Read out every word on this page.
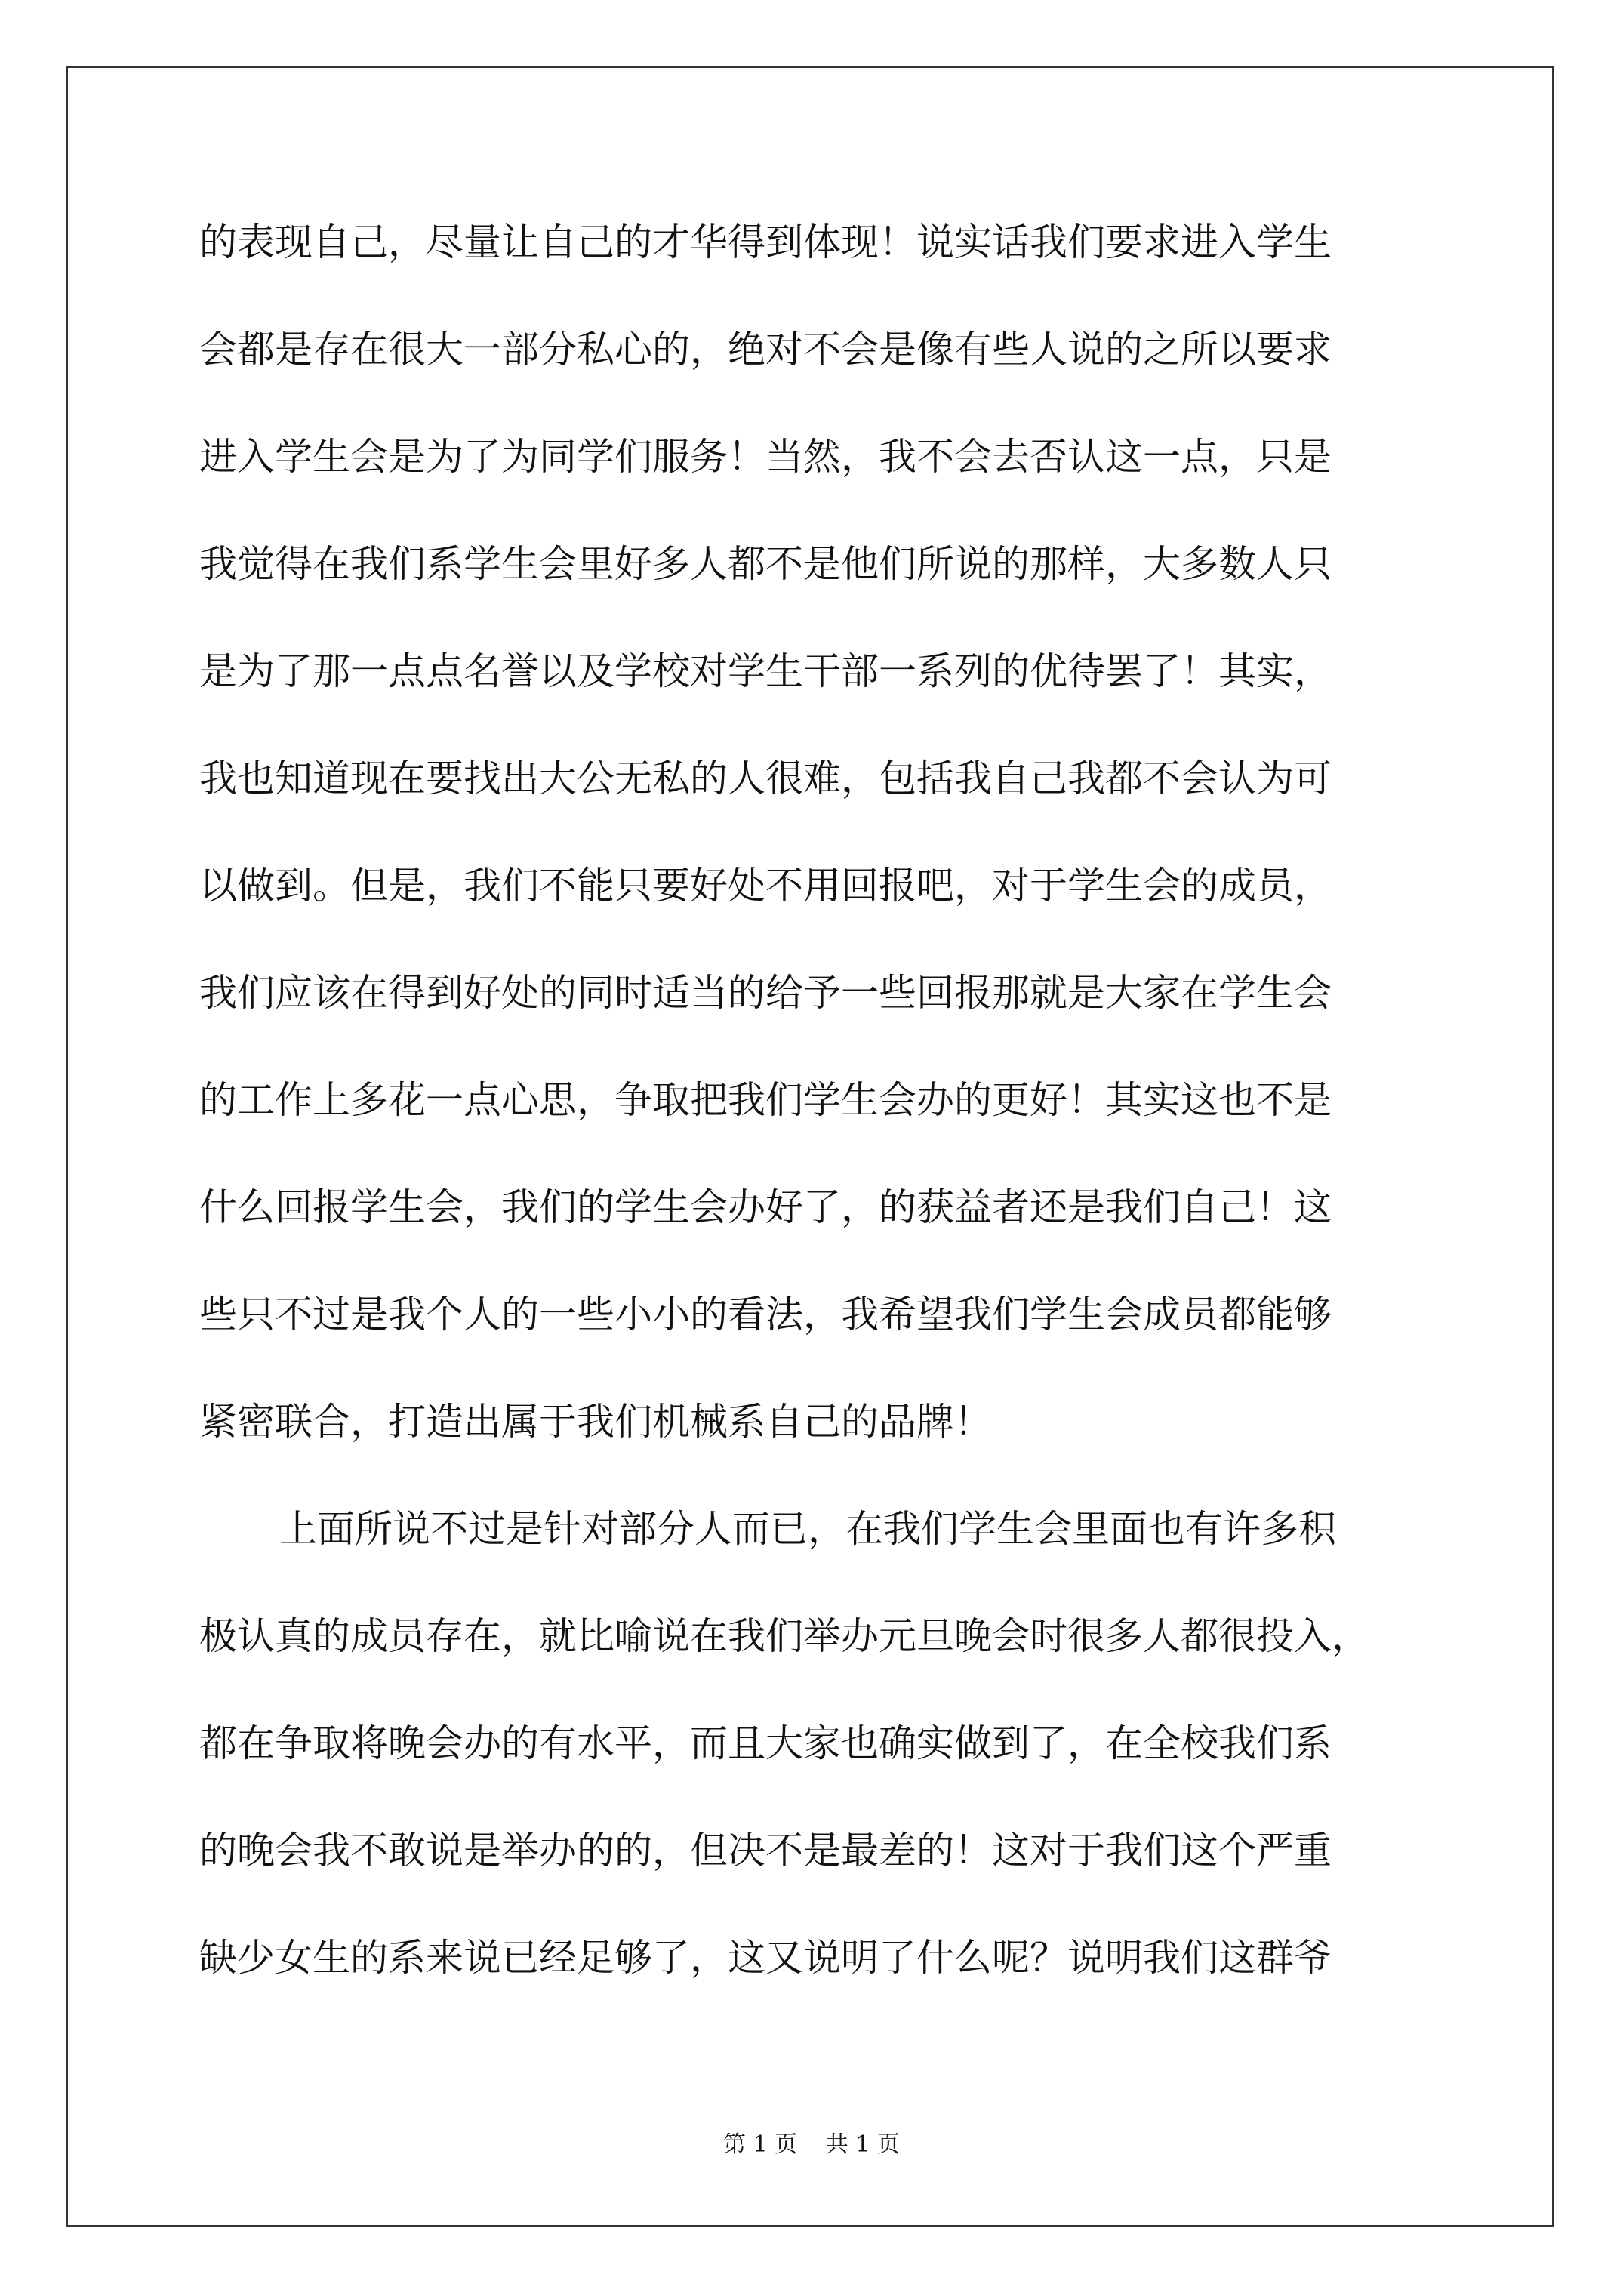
的表现自己，尽量让自己的才华得到体现！说实话我们要求进入学生
会都是存在很大一部分私心的，绝对不会是像有些人说的之所以要求
进入学生会是为了为同学们服务！当然，我不会去否认这一点，只是
我觉得在我们系学生会里好多人都不是他们所说的那样，大多数人只
是为了那一点点名誉以及学校对学生干部一系列的优待罢了！其实，
我也知道现在要找出大公无私的人很难，包括我自己我都不会认为可
以做到。但是，我们不能只要好处不用回报吧，对于学生会的成员，
我们应该在得到好处的同时适当的给予一些回报那就是大家在学生会
的工作上多花一点心思，争取把我们学生会办的更好！其实这也不是
什么回报学生会，我们的学生会办好了，的获益者还是我们自己！这
些只不过是我个人的一些小小的看法，我希望我们学生会成员都能够
紧密联合，打造出属于我们机械系自己的品牌！
上面所说不过是针对部分人而已，在我们学生会里面也有许多积
极认真的成员存在，就比喻说在我们举办元旦晚会时很多人都很投入，
都在争取将晚会办的有水平，而且大家也确实做到了，在全校我们系
的晚会我不敢说是举办的的，但决不是最差的！这对于我们这个严重
缺少女生的系来说已经足够了，这又说明了什么呢？说明我们这群爷
第 1 页 共 1 页
